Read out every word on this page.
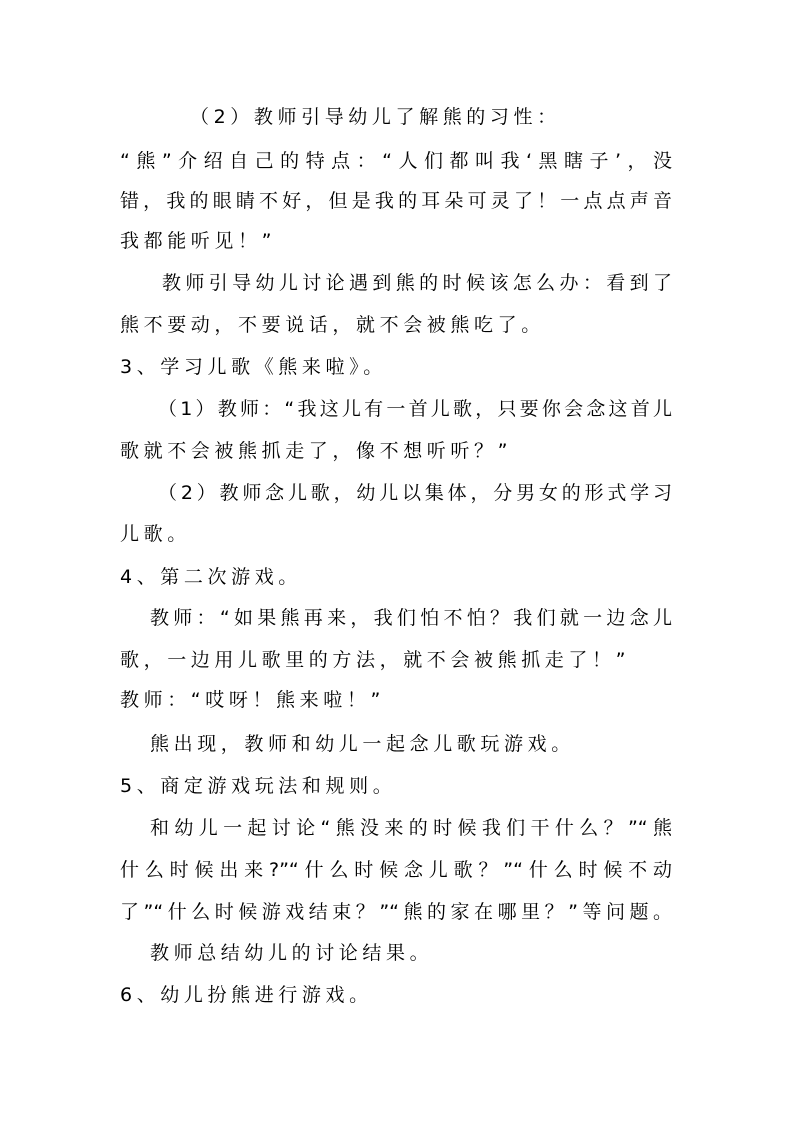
（2）教师引导幼儿了解熊的习性：
“熊”介绍自己的特点：“人们都叫我‘黑瞎子’，没
错，我的眼睛不好，但是我的耳朵可灵了！一点点声音
我都能听见！”
教师引导幼儿讨论遇到熊的时候该怎么办：看到了
熊不要动，不要说话，就不会被熊吃了。
3、学习儿歌《熊来啦》。
（1）教师：“我这儿有一首儿歌，只要你会念这首儿
歌就不会被熊抓走了，像不想听听？”
（2）教师念儿歌，幼儿以集体，分男女的形式学习
儿歌。
4、第二次游戏。
教师：“如果熊再来，我们怕不怕？我们就一边念儿
歌，一边用儿歌里的方法，就不会被熊抓走了！”
教师：“哎呀！熊来啦！”
熊出现，教师和幼儿一起念儿歌玩游戏。
5、商定游戏玩法和规则。
和幼儿一起讨论“熊没来的时候我们干什么？”“熊
什么时候出来?”“什么时候念儿歌？”“什么时候不动
了”“什么时候游戏结束？”“熊的家在哪里？”等问题。
教师总结幼儿的讨论结果。
6、幼儿扮熊进行游戏。
